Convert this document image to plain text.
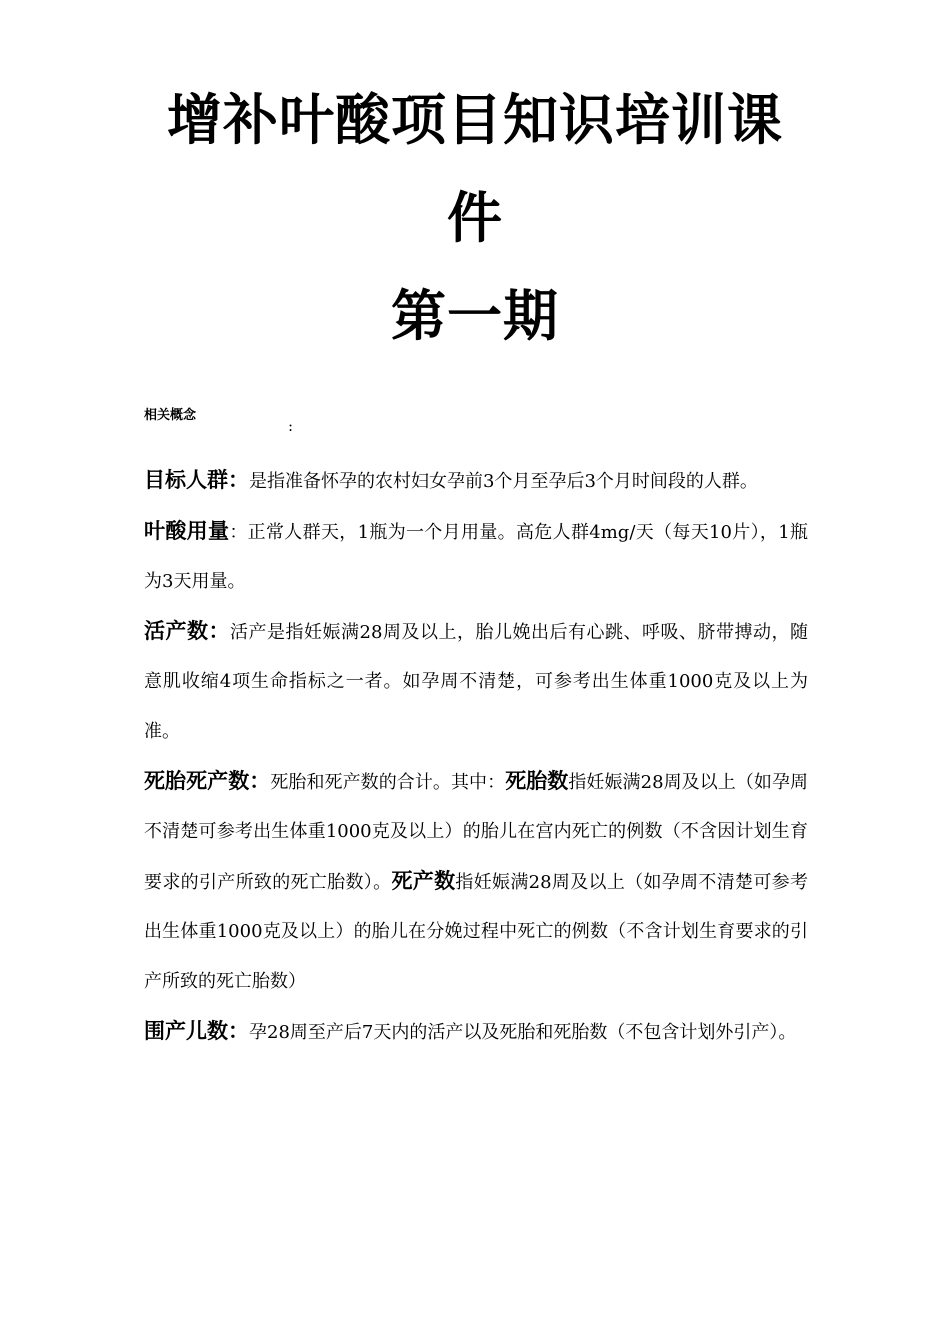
增补叶酸项目知识培训课
件
第一期
相关概念
:

目标人群：是指准备怀孕的农村妇女孕前3个月至孕后3个月时间段的人群。

叶酸用量：正常人群天，1瓶为一个月用量。高危人群4mg/天（每天10片），1瓶为3天用量。

活产数：活产是指妊娠满28周及以上，胎儿娩出后有心跳、呼吸、脐带搏动，随意肌收缩4项生命指标之一者。如孕周不清楚，可参考出生体重1000克及以上为准。

死胎死产数：死胎和死产数的合计。其中：死胎数指妊娠满28周及以上（如孕周不清楚可参考出生体重1000克及以上）的胎儿在宫内死亡的例数（不含因计划生育要求的引产所致的死亡胎数）。死产数指妊娠满28周及以上（如孕周不清楚可参考出生体重1000克及以上）的胎儿在分娩过程中死亡的例数（不含计划生育要求的引产所致的死亡胎数）

围产儿数：孕28周至产后7天内的活产以及死胎和死胎数（不包含计划外引产）。
